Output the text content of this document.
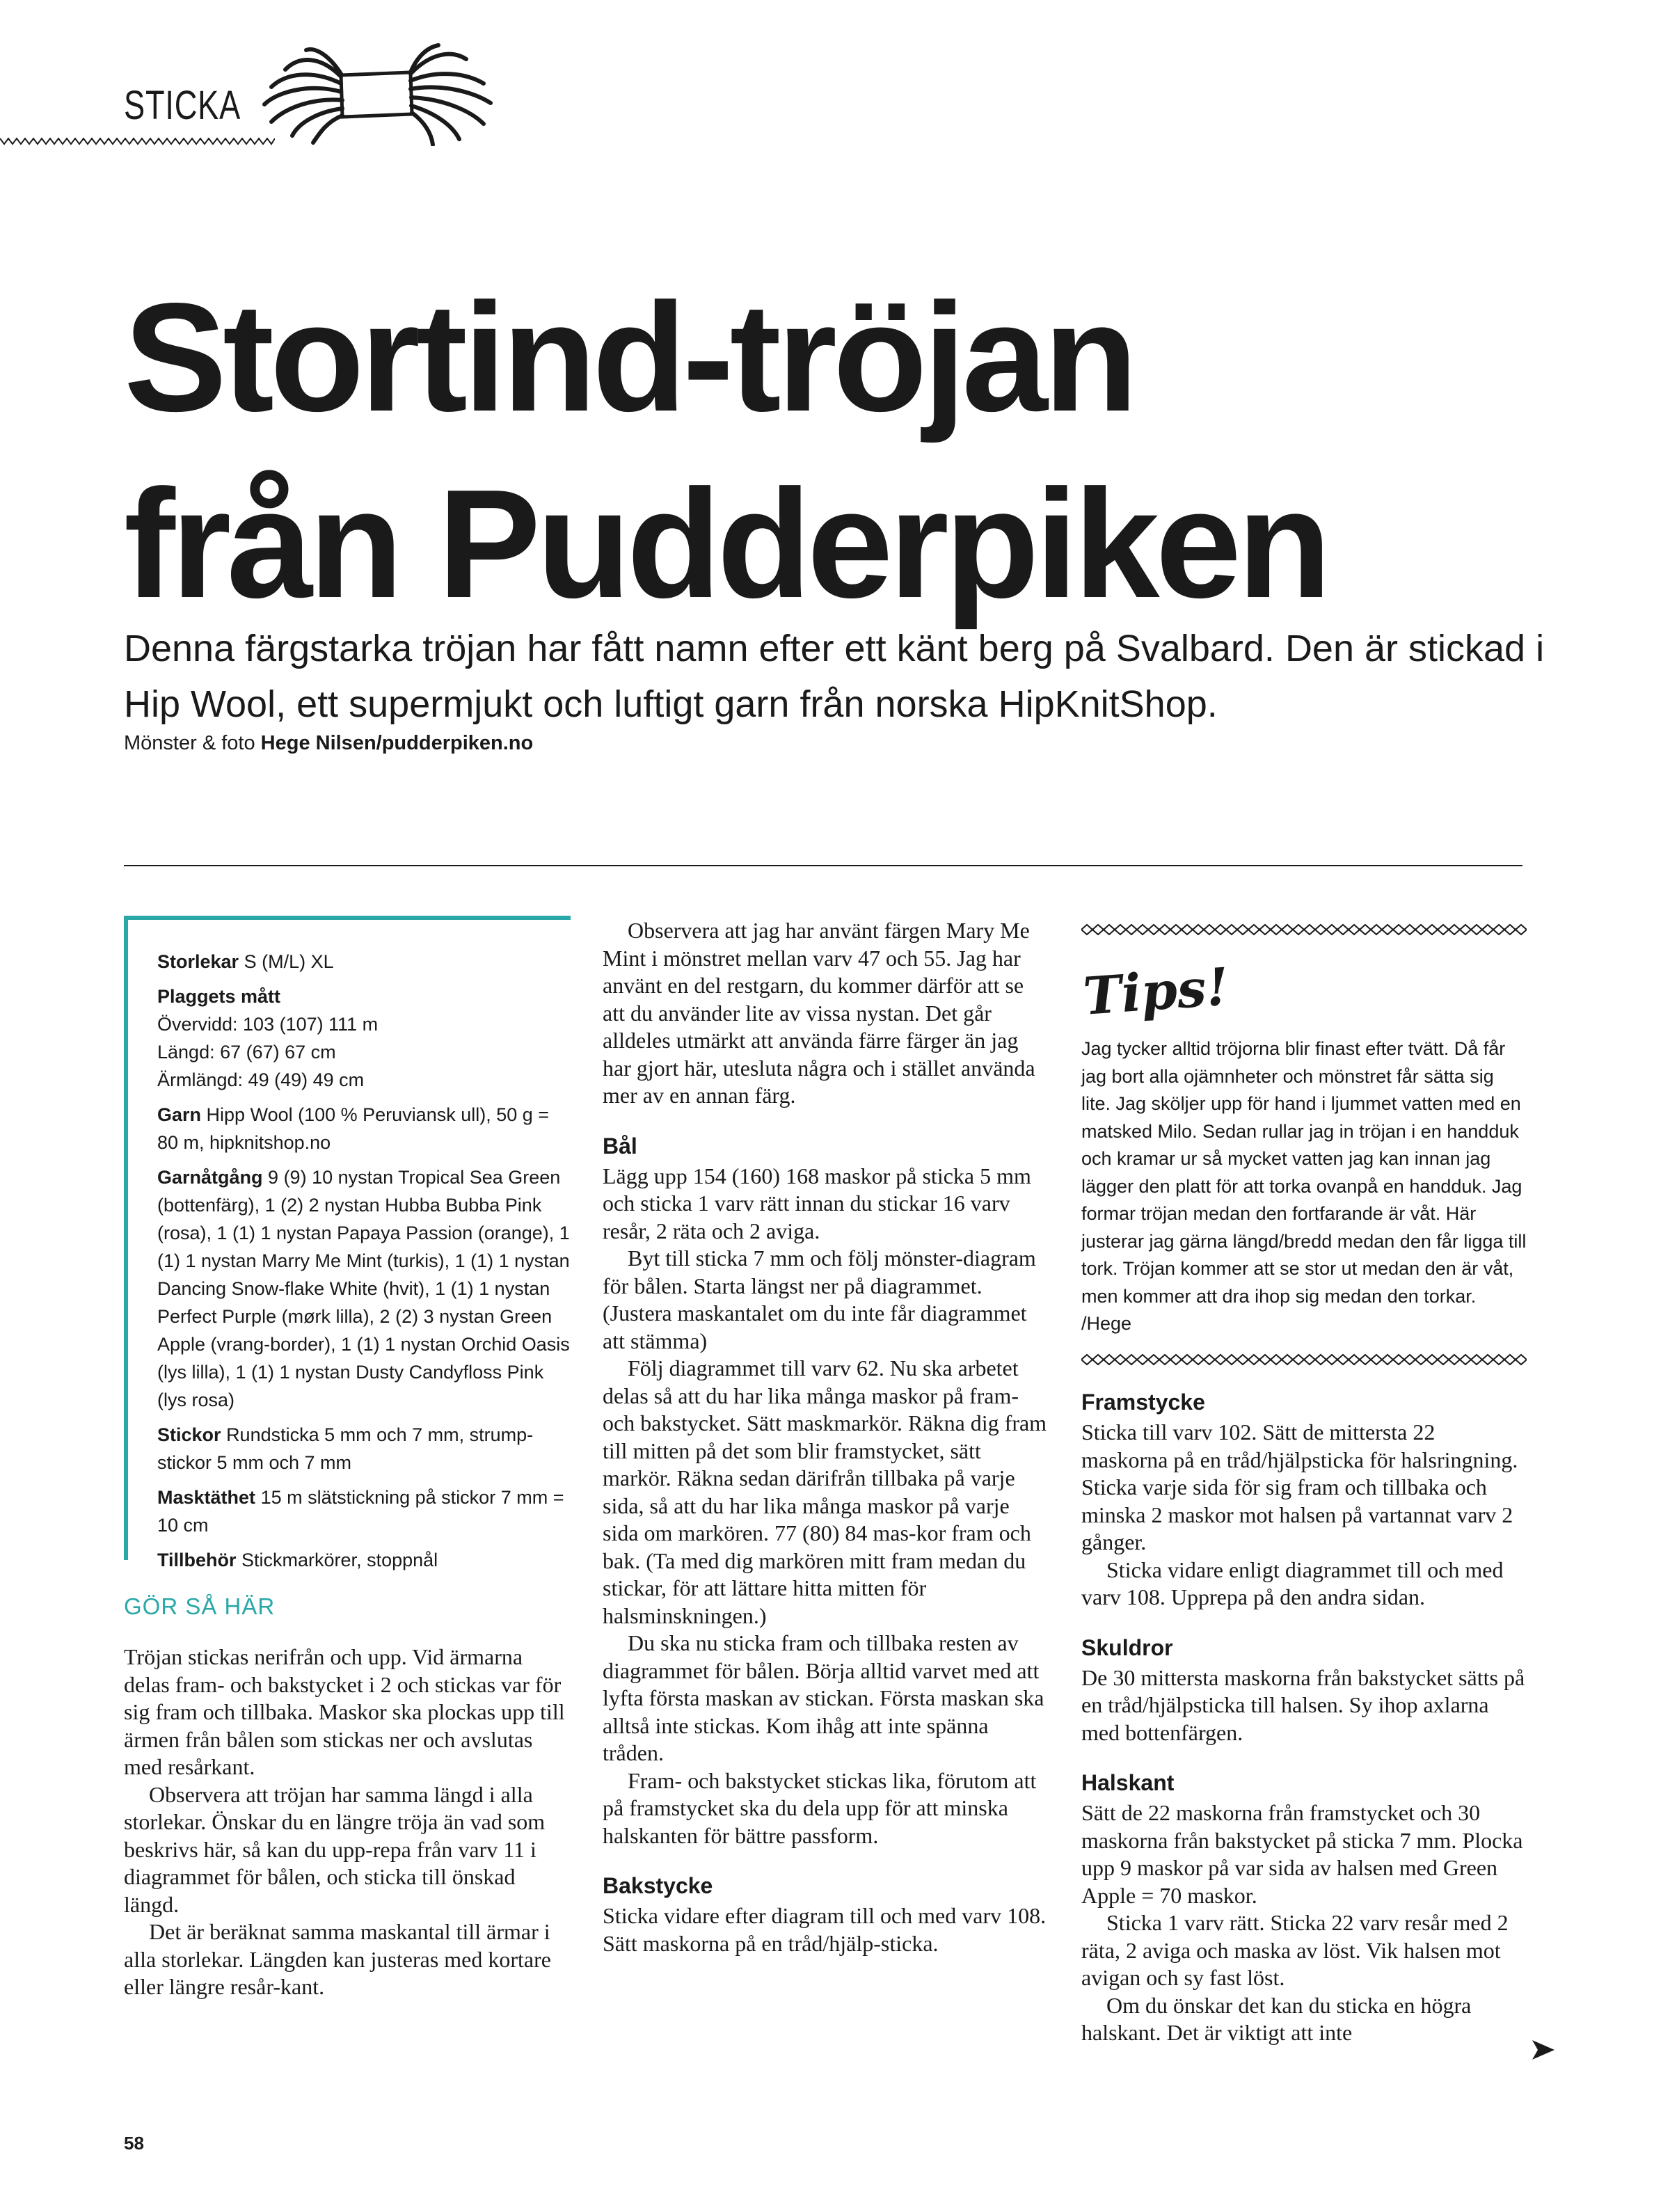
STICKA
Stortind-tröjan
från Pudderpiken

Denna färgstarka tröjan har fått namn efter ett känt berg på Svalbard. Den är stickad i Hip Wool, ett supermjukt och luftigt garn från norska HipKnitShop.

Mönster & foto Hege Nilsen/pudderpiken.no

Storlekar S (M/L) XL

Plaggets mått
Övervidd: 103 (107) 111 m
Längd: 67 (67) 67 cm
Ärmlängd: 49 (49) 49 cm

Garn Hipp Wool (100 % Peruviansk ull), 50 g = 80 m, hipknitshop.no

Garnåtgång 9 (9) 10 nystan Tropical Sea Green (bottenfärg), 1 (2) 2 nystan Hubba Bubba Pink (rosa), 1 (1) 1 nystan Papaya Passion (orange), 1 (1) 1 nystan Marry Me Mint (turkis), 1 (1) 1 nystan Dancing Snow-flake White (hvit), 1 (1) 1 nystan Perfect Purple (mørk lilla), 2 (2) 3 nystan Green Apple (vrang-border), 1 (1) 1 nystan Orchid Oasis (lys lilla), 1 (1) 1 nystan Dusty Candyfloss Pink (lys rosa)

Stickor Rundsticka 5 mm och 7 mm, strump-stickor 5 mm och 7 mm

Masktäthet 15 m slätstickning på stickor 7 mm = 10 cm

Tillbehör Stickmarkörer, stoppnål

GÖR SÅ HÄR

Tröjan stickas nerifrån och upp. Vid ärmarna delas fram- och bakstycket i 2 och stickas var för sig fram och tillbaka. Maskor ska plockas upp till ärmen från bålen som stickas ner och avslutas med resårkant.

Observera att tröjan har samma längd i alla storlekar. Önskar du en längre tröja än vad som beskrivs här, så kan du upp-repa från varv 11 i diagrammet för bålen, och sticka till önskad längd.

Det är beräknat samma maskantal till ärmar i alla storlekar. Längden kan justeras med kortare eller längre resår-kant.

Observera att jag har använt färgen Mary Me Mint i mönstret mellan varv 47 och 55. Jag har använt en del restgarn, du kommer därför att se att du använder lite av vissa nystan. Det går alldeles utmärkt att använda färre färger än jag har gjort här, utesluta några och i stället använda mer av en annan färg.

Bål

Lägg upp 154 (160) 168 maskor på sticka 5 mm och sticka 1 varv rätt innan du stickar 16 varv resår, 2 räta och 2 aviga.

Byt till sticka 7 mm och följ mönster-diagram för bålen. Starta längst ner på diagrammet. (Justera maskantalet om du inte får diagrammet att stämma)

Följ diagrammet till varv 62. Nu ska arbetet delas så att du har lika många maskor på fram- och bakstycket. Sätt maskmarkör. Räkna dig fram till mitten på det som blir framstycket, sätt markör. Räkna sedan därifrån tillbaka på varje sida, så att du har lika många maskor på varje sida om markören. 77 (80) 84 mas-kor fram och bak. (Ta med dig markören mitt fram medan du stickar, för att lättare hitta mitten för halsminskningen.)

Du ska nu sticka fram och tillbaka resten av diagrammet för bålen. Börja alltid varvet med att lyfta första maskan av stickan. Första maskan ska alltså inte stickas. Kom ihåg att inte spänna tråden.

Fram- och bakstycket stickas lika, förutom att på framstycket ska du dela upp för att minska halskanten för bättre passform.

Bakstycke

Sticka vidare efter diagram till och med varv 108. Sätt maskorna på en tråd/hjälp-sticka.

Tips!

Jag tycker alltid tröjorna blir finast efter tvätt. Då får jag bort alla ojämnheter och mönstret får sätta sig lite. Jag sköljer upp för hand i ljummet vatten med en matsked Milo. Sedan rullar jag in tröjan i en handduk och kramar ur så mycket vatten jag kan innan jag lägger den platt för att torka ovanpå en handduk. Jag formar tröjan medan den fortfarande är våt. Här justerar jag gärna längd/bredd medan den får ligga till tork. Tröjan kommer att se stor ut medan den är våt, men kommer att dra ihop sig medan den torkar. /Hege

Framstycke

Sticka till varv 102. Sätt de mittersta 22 maskorna på en tråd/hjälpsticka för halsringning. Sticka varje sida för sig fram och tillbaka och minska 2 maskor mot halsen på vartannat varv 2 gånger.

Sticka vidare enligt diagrammet till och med varv 108. Upprepa på den andra sidan.

Skuldror

De 30 mittersta maskorna från bakstycket sätts på en tråd/hjälpsticka till halsen. Sy ihop axlarna med bottenfärgen.

Halskant

Sätt de 22 maskorna från framstycket och 30 maskorna från bakstycket på sticka 7 mm. Plocka upp 9 maskor på var sida av halsen med Green Apple = 70 maskor.

Sticka 1 varv rätt. Sticka 22 varv resår med 2 räta, 2 aviga och maska av löst. Vik halsen mot avigan och sy fast löst.

Om du önskar det kan du sticka en högra halskant. Det är viktigt att inte

58
